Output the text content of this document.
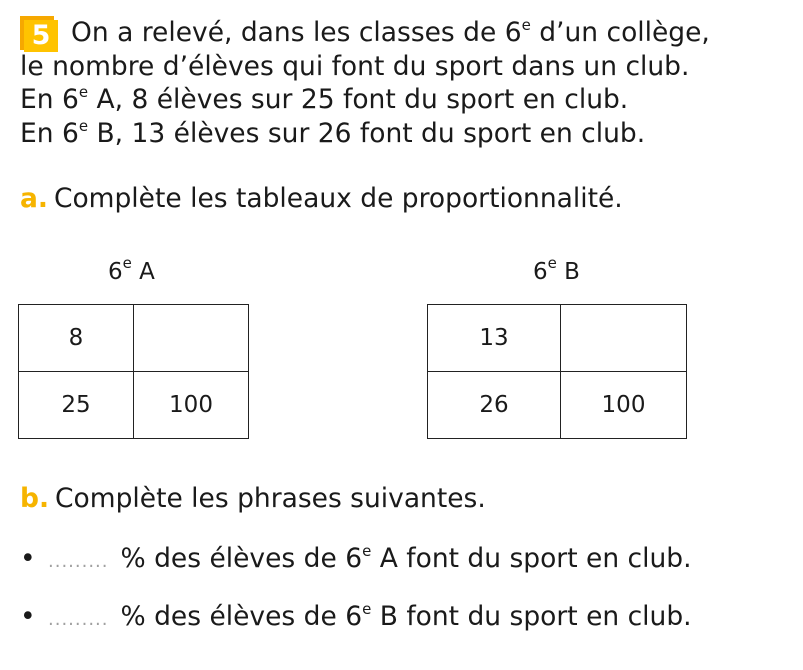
5 On a relevé, dans les classes de 6e d’un collège,
le nombre d’élèves qui font du sport dans un club.
En 6e A, 8 élèves sur 25 font du sport en club.
En 6e B, 13 élèves sur 26 font du sport en club.
a. Complète les tableaux de proportionnalité.
6e A
8	
25	100
6e B
13	
26	100
b. Complète les phrases suivantes.
• ......... % des élèves de 6e A font du sport en club.
• ......... % des élèves de 6e B font du sport en club.
